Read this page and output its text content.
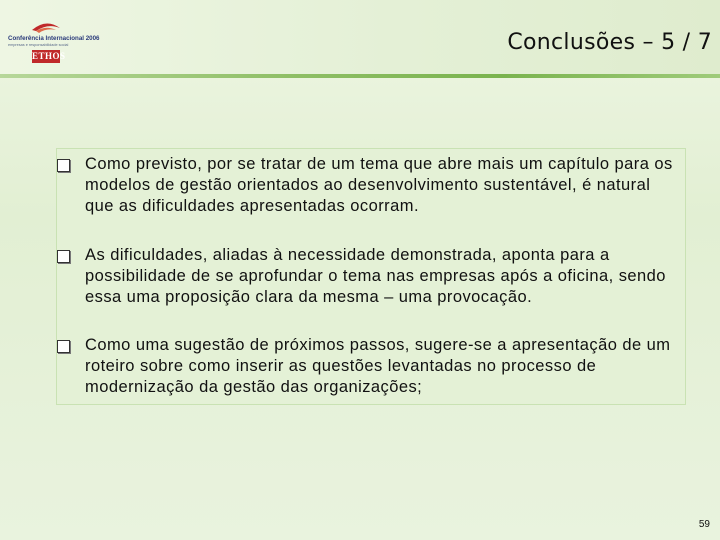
Conferência Internacional 2006
empresas e responsabilidade social
ETHOS
Conclusões – 5 / 7
Como previsto, por se tratar de um tema que abre mais um capítulo para os modelos de gestão orientados ao desenvolvimento sustentável, é natural que as dificuldades apresentadas ocorram.
As dificuldades, aliadas à necessidade demonstrada, aponta para a possibilidade de se aprofundar o tema nas empresas após a oficina, sendo essa uma proposição clara da mesma – uma provocação.
Como uma sugestão de próximos passos, sugere-se a apresentação de um roteiro sobre como inserir as questões levantadas no processo de modernização da gestão das organizações;
59
